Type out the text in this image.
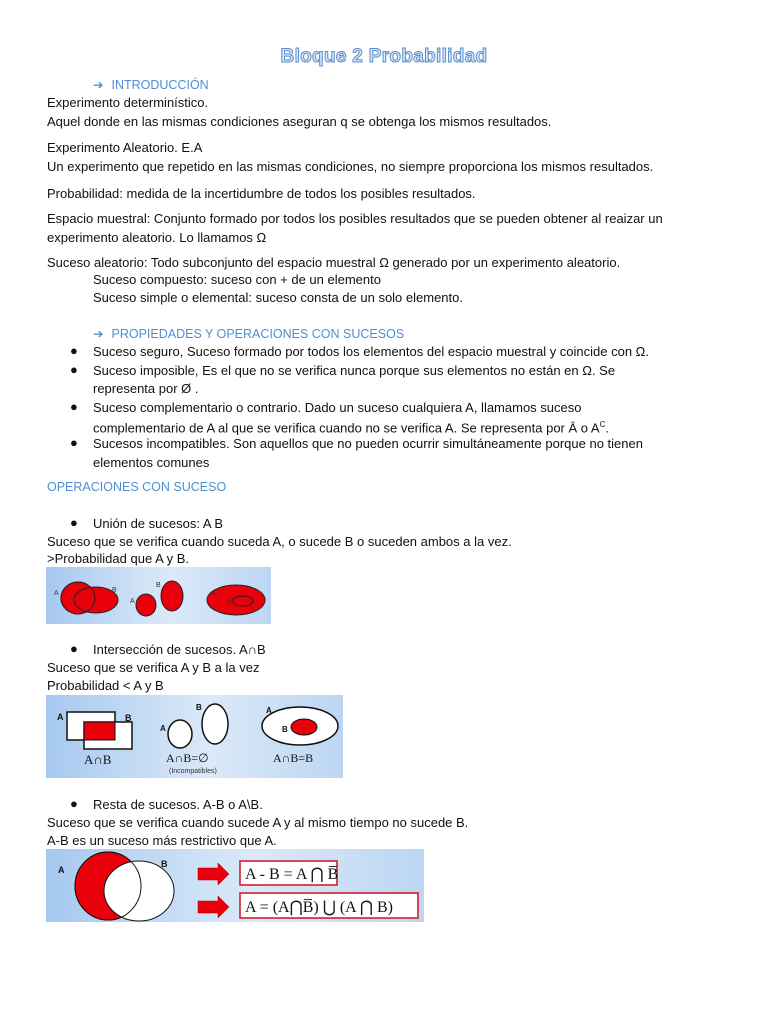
Bloque 2 Probabilidad
➔ INTRODUCCIÓN
Experimento determinístico.
Aquel donde en las mismas condiciones aseguran q se obtenga los mismos resultados.
Experimento Aleatorio. E.A
Un experimento que repetido en las mismas condiciones, no siempre proporciona los mismos resultados.
Probabilidad: medida de la incertidumbre de todos los posibles resultados.
Espacio muestral: Conjunto formado por todos los posibles resultados que se pueden obtener al reaizar un
experimento aleatorio. Lo llamamos Ω
Suceso aleatorio: Todo subconjunto del espacio muestral Ω generado por un experimento aleatorio.
Suceso compuesto: suceso con + de un elemento
Suceso simple o elemental: suceso consta de un solo elemento.
➔ PROPIEDADES Y OPERACIONES CON SUCESOS
● Suceso seguro, Suceso formado por todos los elementos del espacio muestral y coincide con Ω.
● Suceso imposible, Es el que no se verifica nunca porque sus elementos no están en Ω. Se
representa por Ø .
● Suceso complementario o contrario. Dado un suceso cualquiera A, llamamos suceso
complementario de A al que se verifica cuando no se verifica A. Se representa por Ā o $A^C$.
● Sucesos incompatibles. Son aquellos que no pueden ocurrir simultáneamente porque no tienen
elementos comunes
OPERACIONES CON SUCESO
● Unión de sucesos: A B
Suceso que se verifica cuando suceda A, o sucede B o suceden ambos a la vez.
>Probabilidad que A y B.
A	B
A
B
A
B
● Intersección de sucesos. A∩B
Suceso que se verifica A y B a la vez
Probabilidad < A y B
A	B
A∩B
A
B
A∩B=∅
(Incompatibles)
A
B
A∩B=B
● Resta de sucesos. A-B o A\B.
Suceso que se verifica cuando sucede A y al mismo tiempo no sucede B.
A-B es un suceso más restrictivo que A.
A
B
A - B = A ⋂ B̅
A = (A⋂B̅) ⋃ (A ⋂ B)
